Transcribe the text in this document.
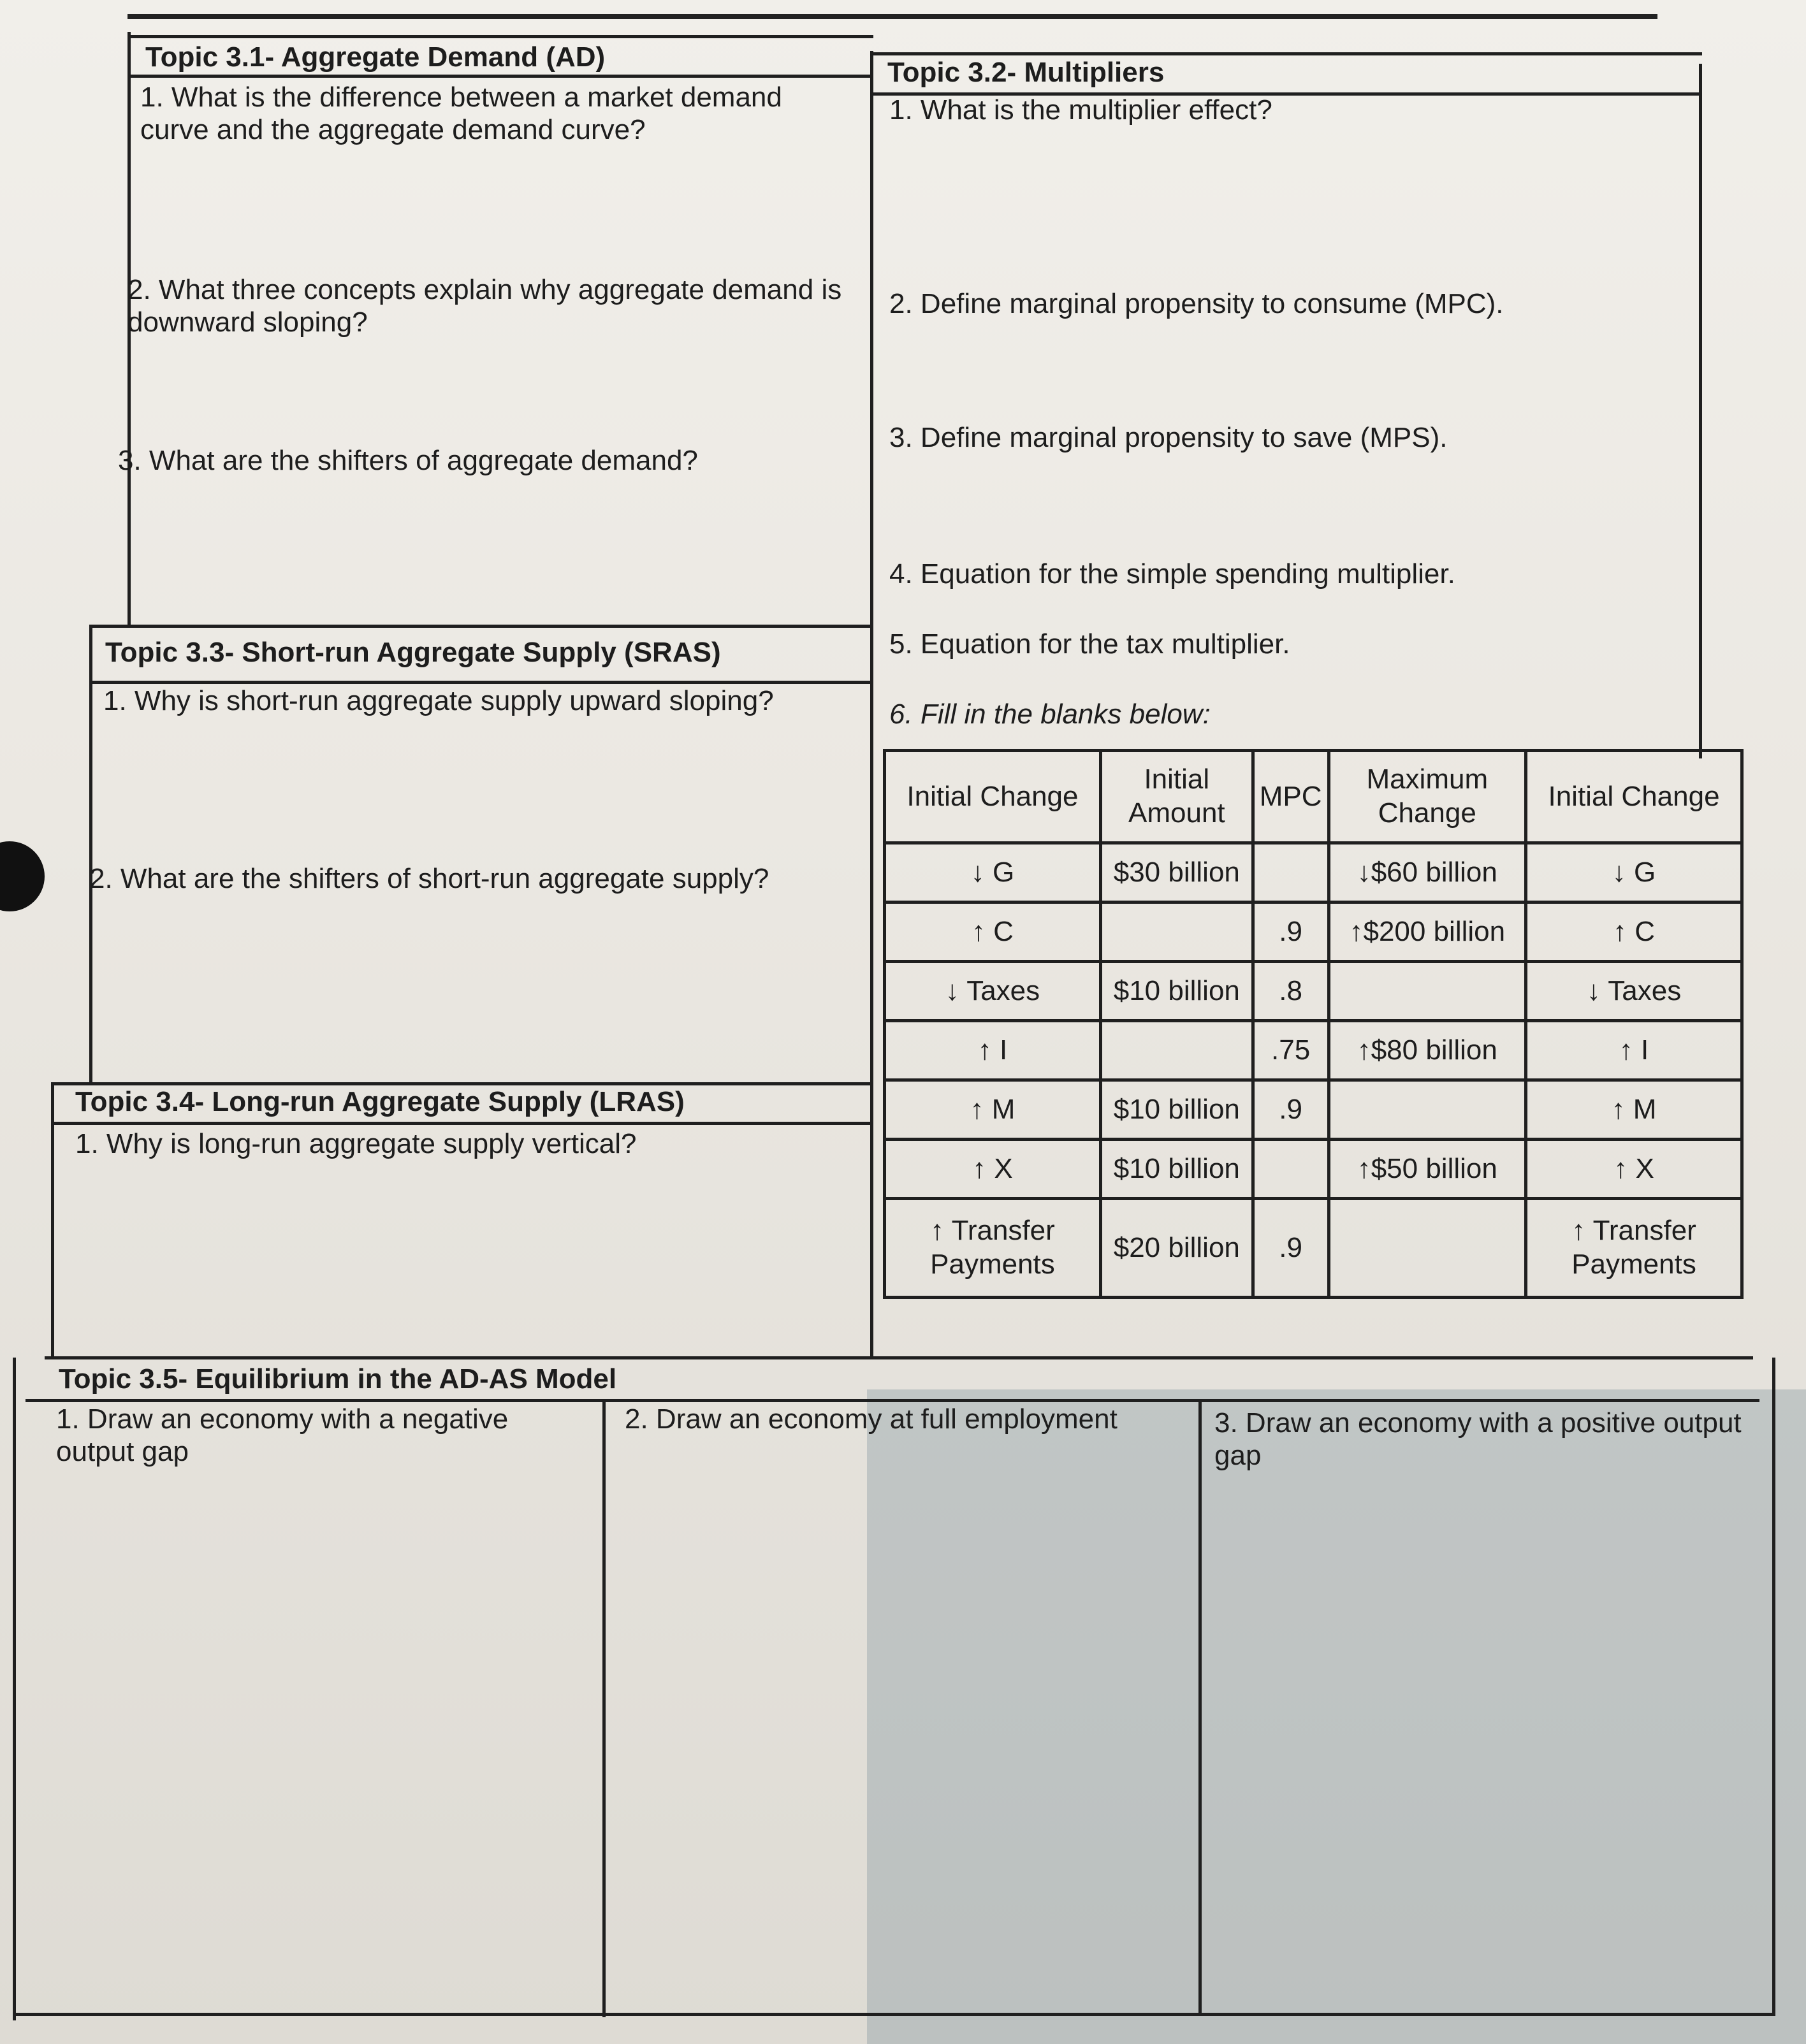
Topic 3.1- Aggregate Demand (AD)
1. What is the difference between a market demand curve and the aggregate demand curve?
2. What three concepts explain why aggregate demand is downward sloping?
3. What are the shifters of aggregate demand?
Topic 3.2- Multipliers
1. What is the multiplier effect?
2. Define marginal propensity to consume (MPC).
3. Define marginal propensity to save (MPS).
4. Equation for the simple spending multiplier.
5. Equation for the tax multiplier.
6. Fill in the blanks below:
Topic 3.3- Short-run Aggregate Supply (SRAS)
1. Why is short-run aggregate supply upward sloping?
2. What are the shifters of short-run aggregate supply?
Topic 3.4- Long-run Aggregate Supply (LRAS)
1. Why is long-run aggregate supply vertical?
Topic 3.5- Equilibrium in the AD-AS Model
1. Draw an economy with a negative output gap
2. Draw an economy at full employment	3. Draw an economy with a positive output gap
Initial Change	Initial Amount	MPC	Maximum Change	Initial Change
↓ G	$30 billion		↓$60 billion	↓ G
↑ C		.9	↑$200 billion	↑ C
↓ Taxes	$10 billion	.8		↓ Taxes
↑ I		.75	↑$80 billion	↑ I
↑ M	$10 billion	.9		↑ M
↑ X	$10 billion		↑$50 billion	↑ X
↑ Transfer Payments	$20 billion	.9		↑ Transfer Payments
